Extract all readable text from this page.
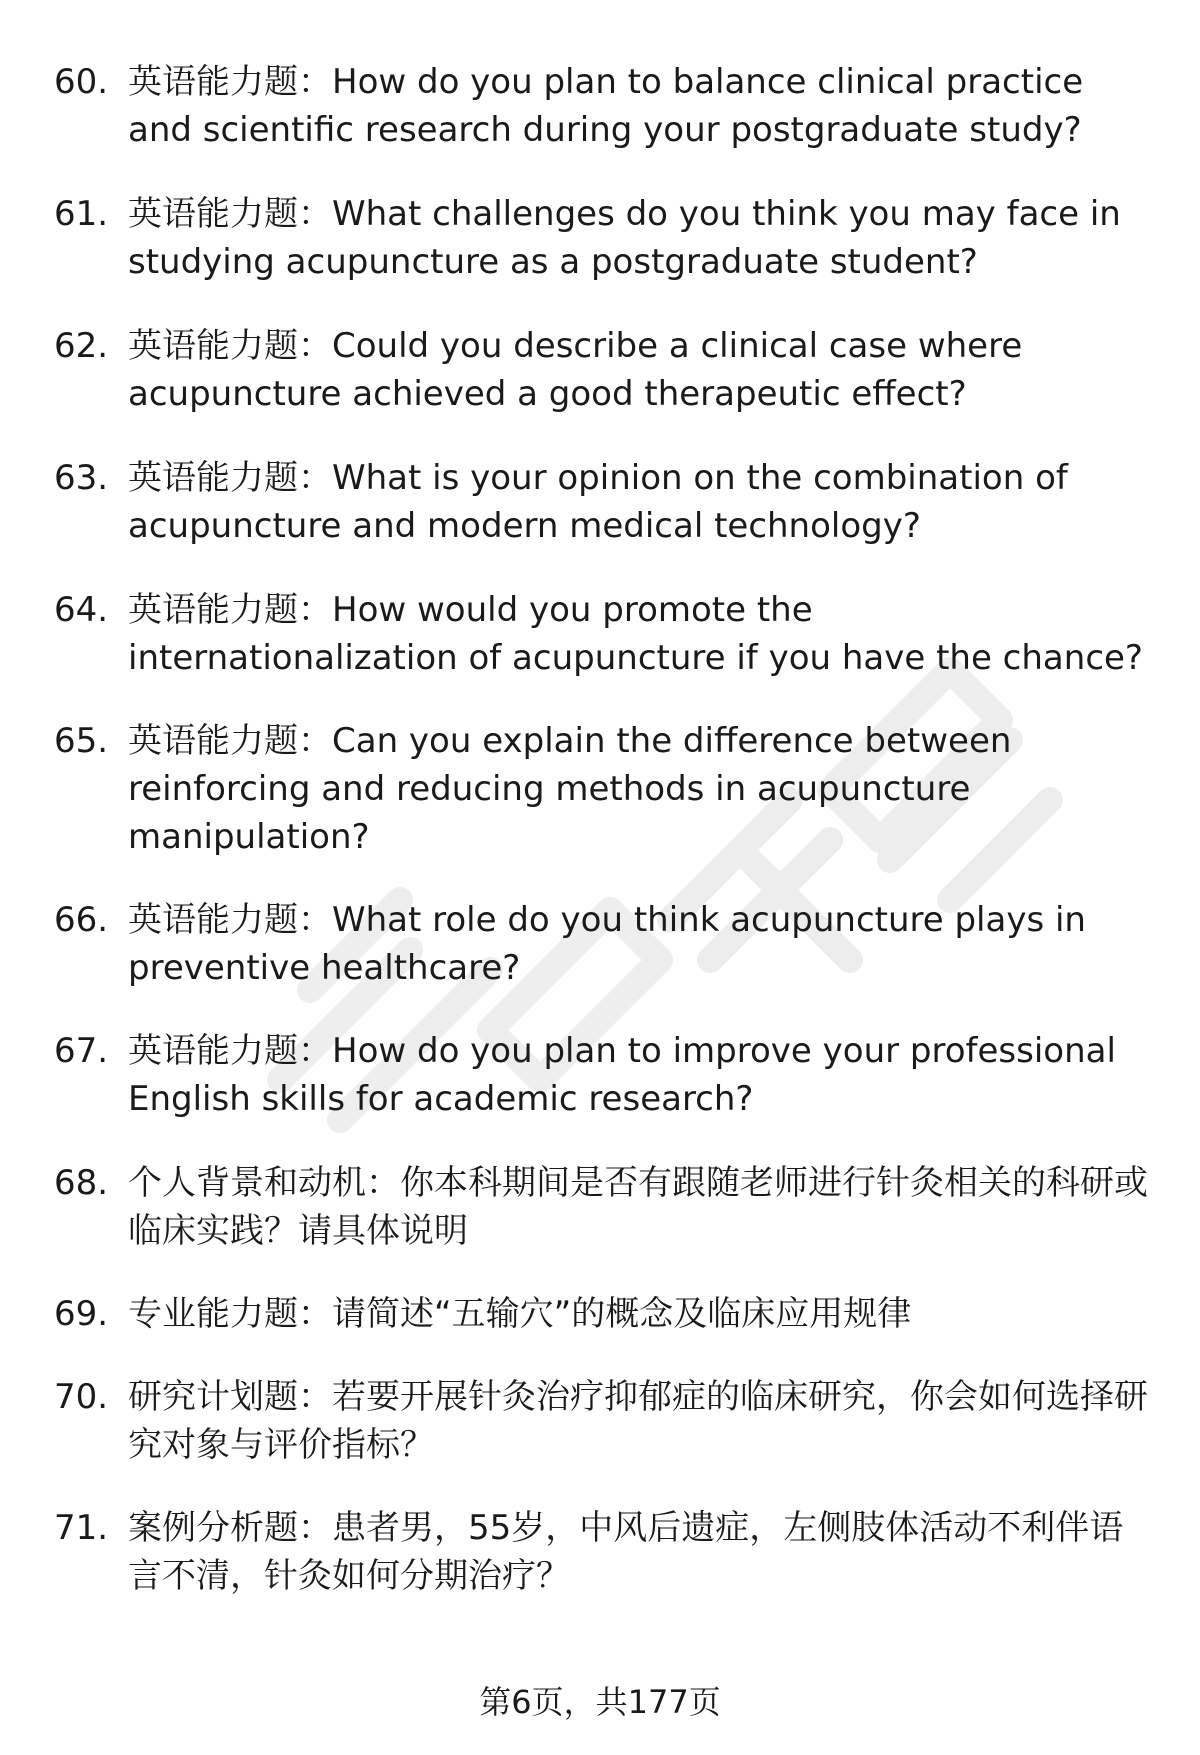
60. 英语能力题：How do you plan to balance clinical practice and scientific research during your postgraduate study?
61. 英语能力题：What challenges do you think you may face in studying acupuncture as a postgraduate student?
62. 英语能力题：Could you describe a clinical case where acupuncture achieved a good therapeutic effect?
63. 英语能力题：What is your opinion on the combination of acupuncture and modern medical technology?
64. 英语能力题：How would you promote the internationalization of acupuncture if you have the chance?
65. 英语能力题：Can you explain the difference between reinforcing and reducing methods in acupuncture manipulation?
66. 英语能力题：What role do you think acupuncture plays in preventive healthcare?
67. 英语能力题：How do you plan to improve your professional English skills for academic research?
68. 个人背景和动机：你本科期间是否有跟随老师进行针灸相关的科研或临床实践？请具体说明
69. 专业能力题：请简述“五输穴”的概念及临床应用规律
70. 研究计划题：若要开展针灸治疗抑郁症的临床研究，你会如何选择研究对象与评价指标？
71. 案例分析题：患者男，55岁，中风后遗症，左侧肢体活动不利伴语言不清，针灸如何分期治疗？
第6页，共177页
